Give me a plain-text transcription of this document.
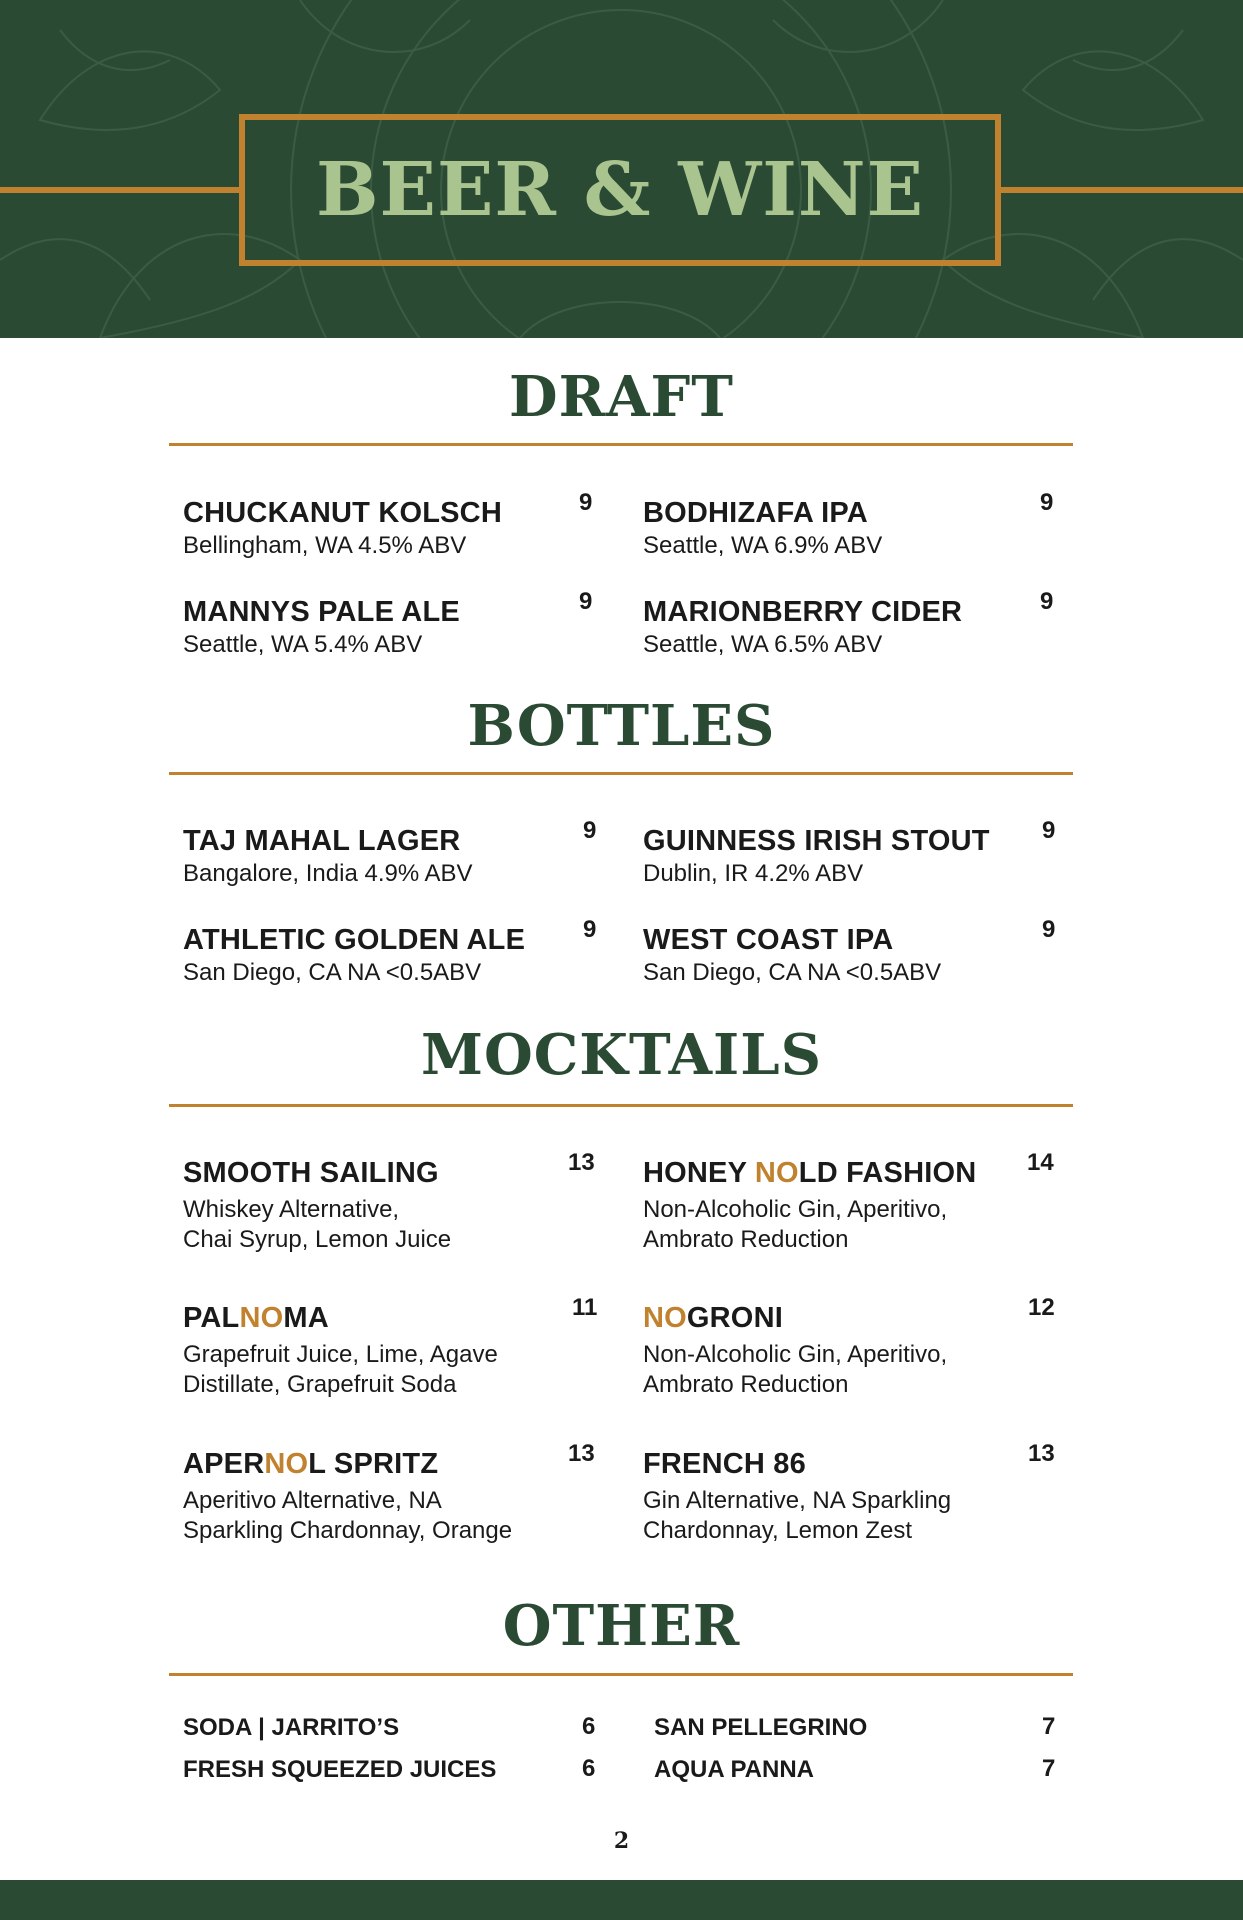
BEER & WINE
DRAFT
CHUCKANUT KOLSCH
Bellingham, WA 4.5% ABV
9 BODHIZAFA IPA
Seattle, WA 6.9% ABV
9
MANNYS PALE ALE
Seattle, WA 5.4% ABV
9 MARIONBERRY CIDER
Seattle, WA 6.5% ABV
9
BOTTLES
TAJ MAHAL LAGER
Bangalore, India 4.9% ABV
9 GUINNESS IRISH STOUT
Dublin, IR 4.2% ABV
9
ATHLETIC GOLDEN ALE
San Diego, CA NA <0.5ABV
9 WEST COAST IPA
San Diego, CA NA <0.5ABV
9
MOCKTAILS
SMOOTH SAILING
Whiskey Alternative,
Chai Syrup, Lemon Juice
13 HONEY NOLD FASHION
Non-Alcoholic Gin, Aperitivo,
Ambrato Reduction
14
PALNOMA
Grapefruit Juice, Lime, Agave
Distillate, Grapefruit Soda
11 NOGRONI
Non-Alcoholic Gin, Aperitivo,
Ambrato Reduction
12
APERNOL SPRITZ
Aperitivo Alternative, NA
Sparkling Chardonnay, Orange
13 FRENCH 86
Gin Alternative, NA Sparkling
Chardonnay, Lemon Zest
13
OTHER
SODA | JARRITO’S	6 SAN PELLEGRINO	7
FRESH SQUEEZED JUICES	6 AQUA PANNA	7
2
